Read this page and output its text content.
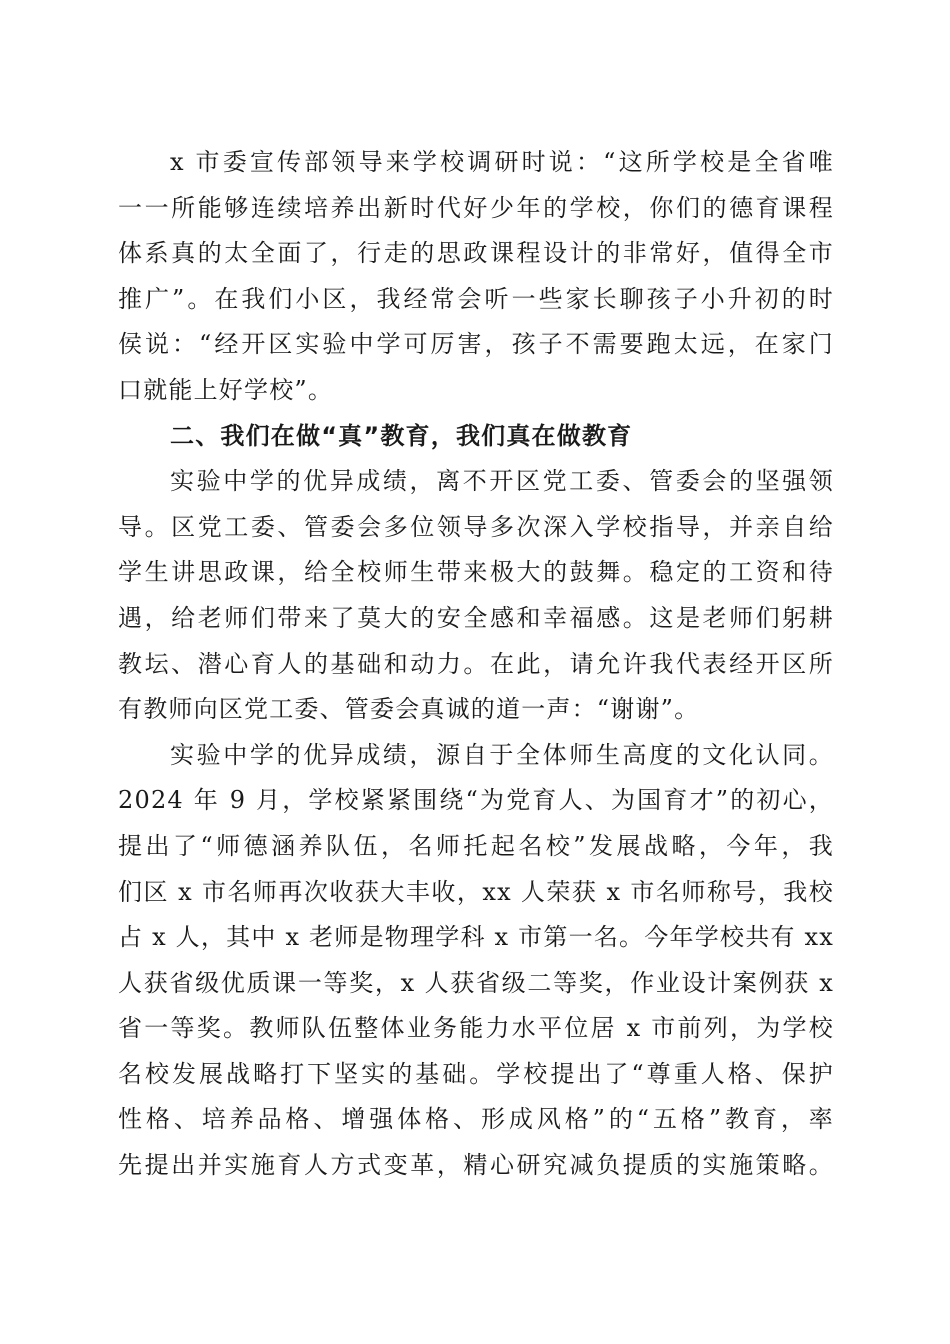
x 市委宣传部领导来学校调研时说：“这所学校是全省唯
一一所能够连续培养出新时代好少年的学校，你们的德育课程
体系真的太全面了，行走的思政课程设计的非常好，值得全市
推广”。在我们小区，我经常会听一些家长聊孩子小升初的时
侯说：“经开区实验中学可厉害，孩子不需要跑太远，在家门
口就能上好学校”。
二、我们在做“真”教育，我们真在做教育
实验中学的优异成绩，离不开区党工委、管委会的坚强领
导。区党工委、管委会多位领导多次深入学校指导，并亲自给
学生讲思政课，给全校师生带来极大的鼓舞。稳定的工资和待
遇，给老师们带来了莫大的安全感和幸福感。这是老师们躬耕
教坛、潜心育人的基础和动力。在此，请允许我代表经开区所
有教师向区党工委、管委会真诚的道一声：“谢谢”。
实验中学的优异成绩，源自于全体师生高度的文化认同。
2024 年 9 月，学校紧紧围绕“为党育人、为国育才”的初心，
提出了“师德涵养队伍，名师托起名校”发展战略，今年，我
们区 x 市名师再次收获大丰收，xx 人荣获 x 市名师称号，我校
占 x 人，其中 x 老师是物理学科 x 市第一名。今年学校共有 xx
人获省级优质课一等奖，x 人获省级二等奖，作业设计案例获 x
省一等奖。教师队伍整体业务能力水平位居 x 市前列，为学校
名校发展战略打下坚实的基础。学校提出了“尊重人格、保护
性格、培养品格、增强体格、形成风格”的“五格”教育，率
先提出并实施育人方式变革，精心研究减负提质的实施策略。
